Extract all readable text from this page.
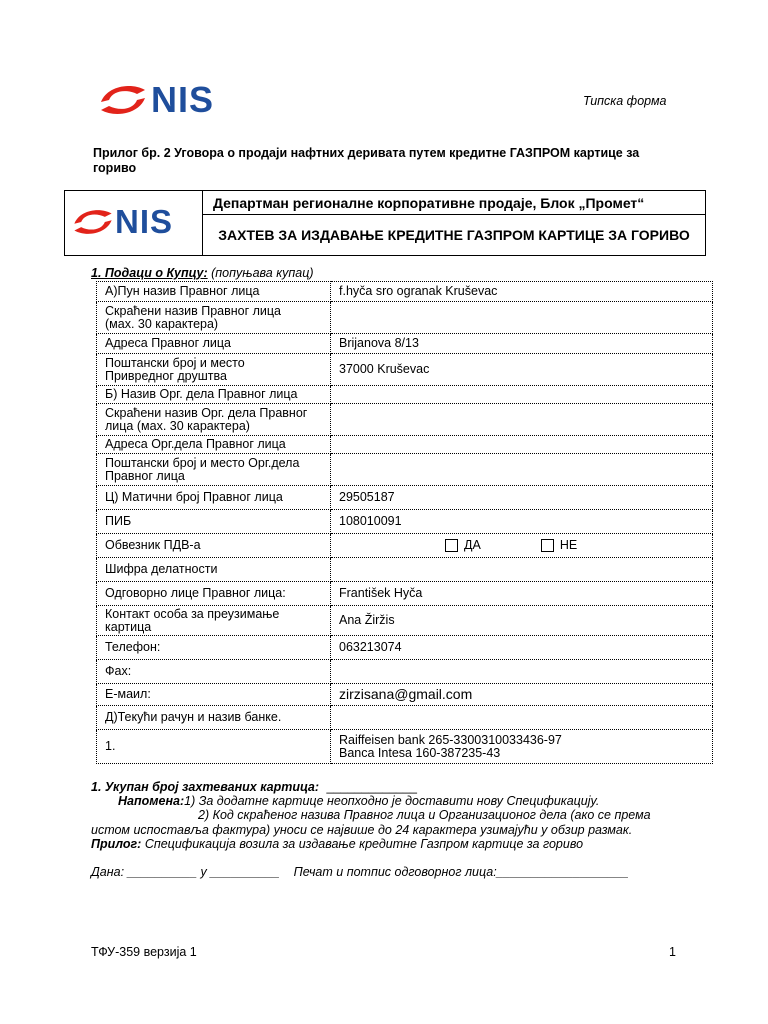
NIS	Типска форма
Прилог бр. 2 Уговора о продаји нафтних деривата путем кредитне ГАЗПРОМ картице за гориво
NIS
Департман регионалне корпоративне продаје, Блок „Промет“
ЗАХТЕВ ЗА ИЗДАВАЊЕ КРЕДИТНЕ ГАЗПРОМ КАРТИЦЕ ЗА ГОРИВО
1. Подаци о Купцу: (попуњава купац)
А)Пун назив Правног лица	f.hyča sro ogranak Kruševac
Скраћени назив Правног лица
(мах. 30 карактера)	
Адреса Правног лица	Brijanova 8/13
Поштански број и место
Привредног друштва	37000 Kruševac
Б) Назив Орг. дела Правног лица	
Скраћени назив Орг. дела Правног
лица (мах. 30 карактера)	
Адреса Орг.дела Правног лица	
Поштански број и место Орг.дела
Правног лица	
Ц) Матични број Правног лица	29505187
ПИБ	108010091
Обвезник ПДВ-а	ДА НЕ

Шифра делатности	
Одговорно лице Правног лица:	František Hyča
Контакт особа за преузимање
картица	Ana Žiržis
Телефон:	063213074
Фах:	
Е-маил:	zirzisana@gmail.com
Д)Текући рачун и назив банке.	
1.	Raiffeisen bank 265-3300310033436-97
Banca Intesa 160-387235-43
1. Укупан број захтеваних картица: _____________
Напомена:1) За додатне картице неопходно је доставити нову Спецификацију.
2) Код скраћеног назива Правног лица и Организационог дела (ако се према истом испоставља фактура) уноси се највише до 24 карактера узимајући у обзир размак.
Прилог: Спецификација возила за издавање кредитне Газпром картице за гориво
Дана: __________ у __________    Печат и потпис одговорног лица:___________________
ТФУ-359 верзија 1	1
